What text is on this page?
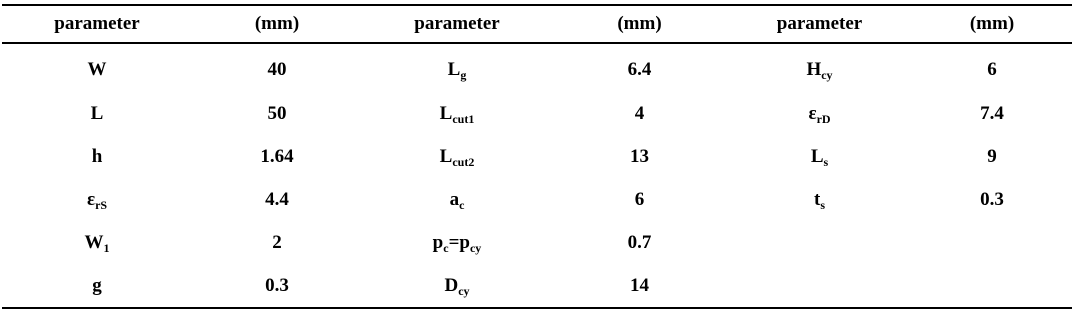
parameter	(mm)	parameter	(mm)	parameter	(mm)
W	40	$L_g$	6.4	$H_{cy}$	6
L	50	$L_{cut1}$	4	$\varepsilon_{rD}$	7.4
h	1.64	$L_{cut2}$	13	$L_s$	9
$\varepsilon_{rS}$	4.4	$a_c$	6	$t_s$	0.3
$W_1$	2	$p_c=p_{cy}$	0.7		
g	0.3	$D_{cy}$	14		
